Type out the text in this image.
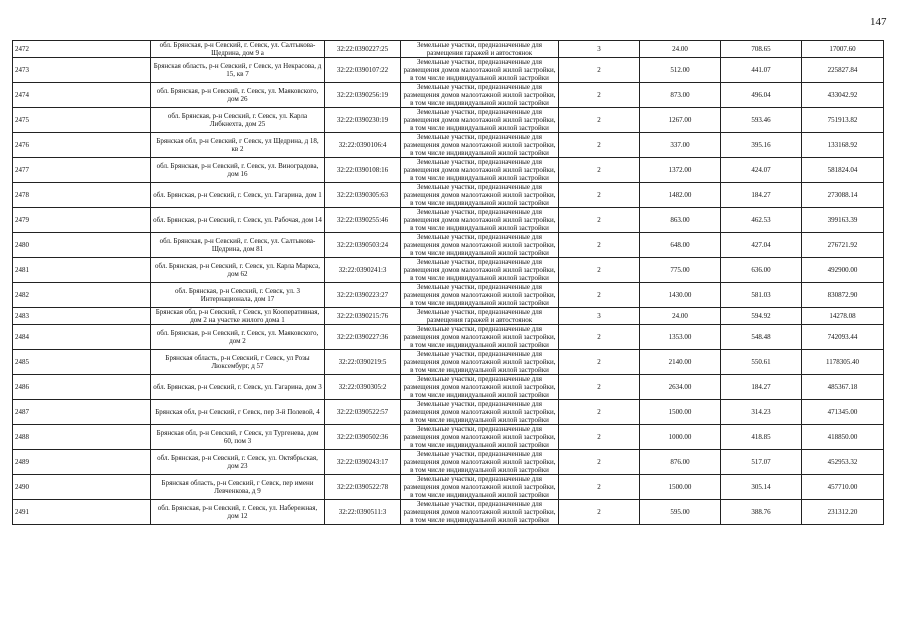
147
2472	обл. Брянская, р-н Севский, г. Севск, ул. Салтыкова-Щедрина, дом 9 а	32:22:0390227:25	Земельные участки, предназначенные для размещения гаражей и автостоянок	3	24.00	708.65	17007.60
2473	Брянская область, р-н Севский, г Севск, ул Некрасова, д 15, кв 7	32:22:0390107:22	Земельные участки, предназначенные для размещения домов малоэтажной жилой застройки, в том числе индивидуальной жилой застройки	2	512.00	441.07	225827.84
2474	обл. Брянская, р-н Севский, г. Севск, ул. Маяковского, дом 26	32:22:0390256:19	Земельные участки, предназначенные для размещения домов малоэтажной жилой застройки, в том числе индивидуальной жилой застройки	2	873.00	496.04	433042.92
2475	обл. Брянская, р-н Севский, г. Севск, ул. Карла Либкнехта, дом 25	32:22:0390230:19	Земельные участки, предназначенные для размещения домов малоэтажной жилой застройки, в том числе индивидуальной жилой застройки	2	1267.00	593.46	751913.82
2476	Брянская обл, р-н Севский, г Севск, ул Щедрина, д 18, кв 2	32:22:0390106:4	Земельные участки, предназначенные для размещения домов малоэтажной жилой застройки, в том числе индивидуальной жилой застройки	2	337.00	395.16	133168.92
2477	обл. Брянская, р-н Севский, г. Севск, ул. Виноградова, дом 16	32:22:0390108:16	Земельные участки, предназначенные для размещения домов малоэтажной жилой застройки, в том числе индивидуальной жилой застройки	2	1372.00	424.07	581824.04
2478	обл. Брянская, р-н Севский, г. Севск, ул. Гагарина, дом 1	32:22:0390305:63	Земельные участки, предназначенные для размещения домов малоэтажной жилой застройки, в том числе индивидуальной жилой застройки	2	1482.00	184.27	273088.14
2479	обл. Брянская, р-н Севский, г. Севск, ул. Рабочая, дом 14	32:22:0390255:46	Земельные участки, предназначенные для размещения домов малоэтажной жилой застройки, в том числе индивидуальной жилой застройки	2	863.00	462.53	399163.39
2480	обл. Брянская, р-н Севский, г. Севск, ул. Салтыкова-Щедрина, дом 81	32:22:0390503:24	Земельные участки, предназначенные для размещения домов малоэтажной жилой застройки, в том числе индивидуальной жилой застройки	2	648.00	427.04	276721.92
2481	обл. Брянская, р-н Севский, г. Севск, ул. Карла Маркса, дом 62	32:22:0390241:3	Земельные участки, предназначенные для размещения домов малоэтажной жилой застройки, в том числе индивидуальной жилой застройки	2	775.00	636.00	492900.00
2482	обл. Брянская, р-н Севский, г. Севск, ул. 3 Интернационала, дом 17	32:22:0390223:27	Земельные участки, предназначенные для размещения домов малоэтажной жилой застройки, в том числе индивидуальной жилой застройки	2	1430.00	581.03	830872.90
2483	Брянская обл, р-н Севский, г Севск, ул Кооперативная, дом 2 на участке жилого дома 1	32:22:0390215:76	Земельные участки, предназначенные для размещения гаражей и автостоянок	3	24.00	594.92	14278.08
2484	обл. Брянская, р-н Севский, г. Севск, ул. Маяковского, дом 2	32:22:0390227:36	Земельные участки, предназначенные для размещения домов малоэтажной жилой застройки, в том числе индивидуальной жилой застройки	2	1353.00	548.48	742093.44
2485	Брянская область, р-н Севский, г Севск, ул Розы Люксембург, д 57	32:22:0390219:5	Земельные участки, предназначенные для размещения домов малоэтажной жилой застройки, в том числе индивидуальной жилой застройки	2	2140.00	550.61	1178305.40
2486	обл. Брянская, р-н Севский, г. Севск, ул. Гагарина, дом 3	32:22:0390305:2	Земельные участки, предназначенные для размещения домов малоэтажной жилой застройки, в том числе индивидуальной жилой застройки	2	2634.00	184.27	485367.18
2487	Брянская обл, р-н Севский, г Севск, пер 3-й Полевой, 4	32:22:0390522:57	Земельные участки, предназначенные для размещения домов малоэтажной жилой застройки, в том числе индивидуальной жилой застройки	2	1500.00	314.23	471345.00
2488	Брянская обл, р-н Севский, г Севск, ул Тургенева, дом 60, пом 3	32:22:0390502:36	Земельные участки, предназначенные для размещения домов малоэтажной жилой застройки, в том числе индивидуальной жилой застройки	2	1000.00	418.85	418850.00
2489	обл. Брянская, р-н Севский, г. Севск, ул. Октябрьская, дом 23	32:22:0390243:17	Земельные участки, предназначенные для размещения домов малоэтажной жилой застройки, в том числе индивидуальной жилой застройки	2	876.00	517.07	452953.32
2490	Брянская область, р-н Севский, г Севск, пер имени Левченкова, д 9	32:22:0390522:78	Земельные участки, предназначенные для размещения домов малоэтажной жилой застройки, в том числе индивидуальной жилой застройки	2	1500.00	305.14	457710.00
2491	обл. Брянская, р-н Севский, г. Севск, ул. Набережная, дом 12	32:22:0390511:3	Земельные участки, предназначенные для размещения домов малоэтажной жилой застройки, в том числе индивидуальной жилой застройки	2	595.00	388.76	231312.20
